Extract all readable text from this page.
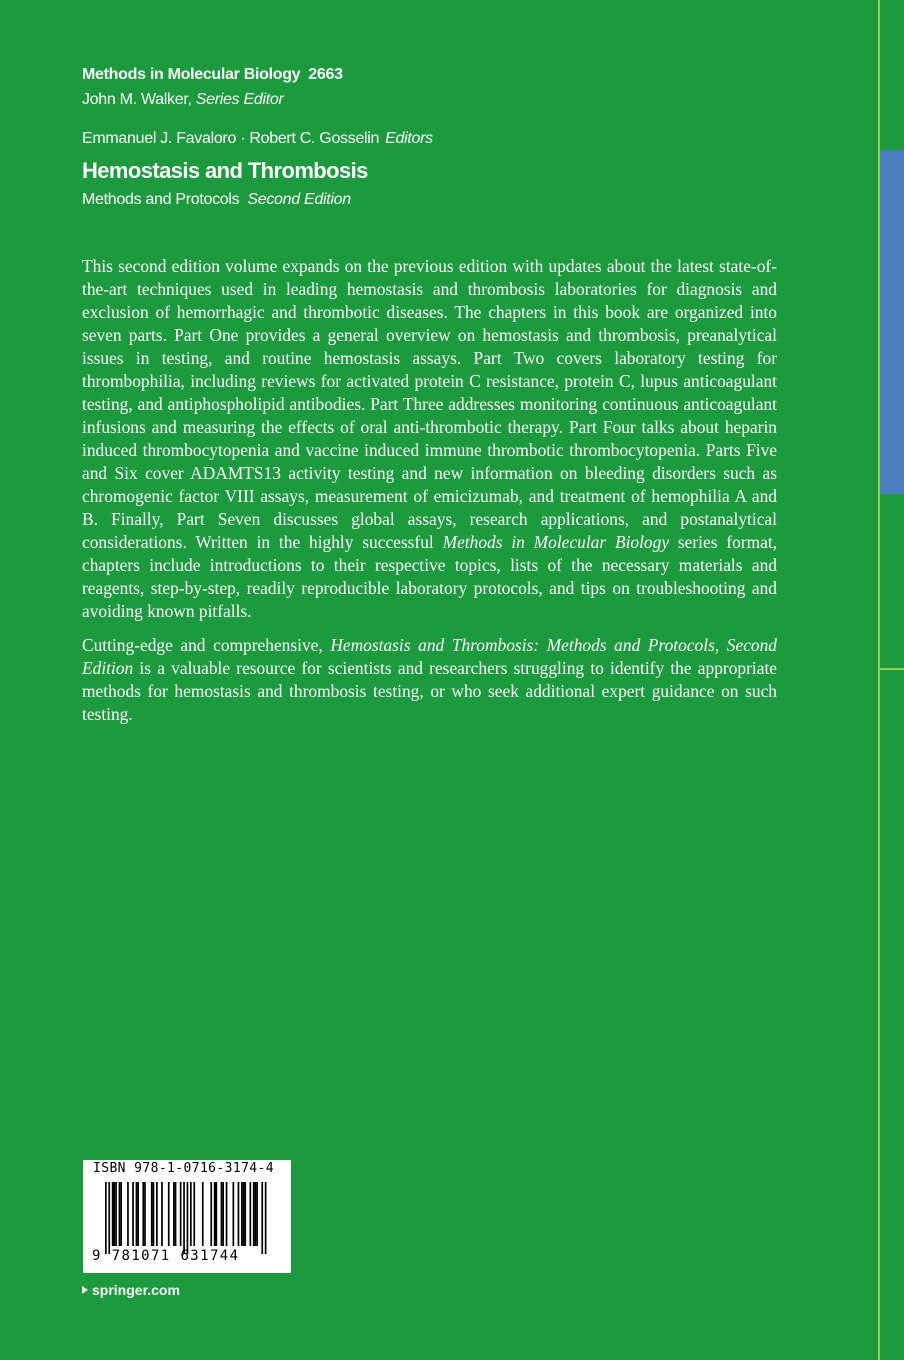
Methods in Molecular Biology 2663
John M. Walker, Series Editor
Emmanuel J. Favaloro · Robert C. Gosselin Editors
Hemostasis and Thrombosis
Methods and Protocols Second Edition

This second edition volume expands on the previous edition with updates about the latest state-of-the-art techniques used in leading hemostasis and thrombosis laboratories for diagnosis and exclusion of hemorrhagic and thrombotic diseases. The chapters in this book are organized into seven parts. Part One provides a general overview on hemostasis and thrombosis, preanalytical issues in testing, and routine hemostasis assays. Part Two covers laboratory testing for thrombophilia, including reviews for activated protein C resistance, protein C, lupus anticoagulant testing, and antiphospholipid antibodies. Part Three addresses monitoring continuous anticoagulant infusions and measuring the effects of oral anti-thrombotic therapy. Part Four talks about heparin induced thrombocytopenia and vaccine induced immune thrombotic thrombocytopenia. Parts Five and Six cover ADAMTS13 activity testing and new information on bleeding disorders such as chromogenic factor VIII assays, measurement of emicizumab, and treatment of hemophilia A and B. Finally, Part Seven discusses global assays, research applications, and postanalytical considerations. Written in the highly successful Methods in Molecular Biology series format, chapters include introductions to their respective topics, lists of the necessary materials and reagents, step-by-step, readily reproducible laboratory protocols, and tips on troubleshooting and avoiding known pitfalls.

Cutting-edge and comprehensive, Hemostasis and Thrombosis: Methods and Protocols, Second Edition is a valuable resource for scientists and researchers struggling to identify the appropriate methods for hemostasis and thrombosis testing, or who seek additional expert guidance on such testing.

ISBN 978-1-0716-3174-4
9 781071 631744
springer.com
